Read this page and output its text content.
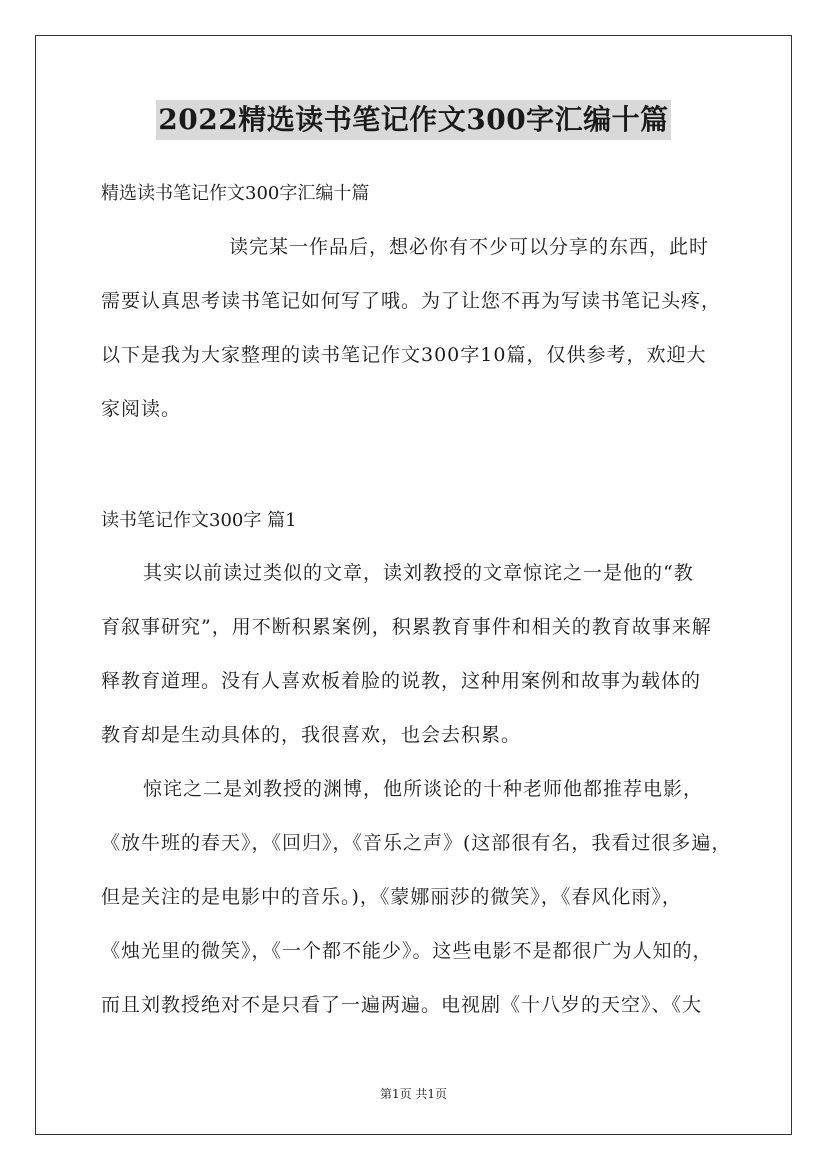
2022精选读书笔记作文300字汇编十篇
精选读书笔记作文300字汇编十篇
读完某一作品后，想必你有不少可以分享的东西，此时
需要认真思考读书笔记如何写了哦。为了让您不再为写读书笔记头疼，
以下是我为大家整理的读书笔记作文300字10篇，仅供参考，欢迎大
家阅读。
读书笔记作文300字 篇1
其实以前读过类似的文章，读刘教授的文章惊诧之一是他的“教
育叙事研究”，用不断积累案例，积累教育事件和相关的教育故事来解
释教育道理。没有人喜欢板着脸的说教，这种用案例和故事为载体的
教育却是生动具体的，我很喜欢，也会去积累。
惊诧之二是刘教授的渊博，他所谈论的十种老师他都推荐电影，
《放牛班的春天》，《回归》，《音乐之声》(这部很有名，我看过很多遍，
但是关注的是电影中的音乐。)，《蒙娜丽莎的微笑》，《春风化雨》，
《烛光里的微笑》，《一个都不能少》。这些电影不是都很广为人知的，
而且刘教授绝对不是只看了一遍两遍。电视剧《十八岁的天空》、《大
第1页 共1页
